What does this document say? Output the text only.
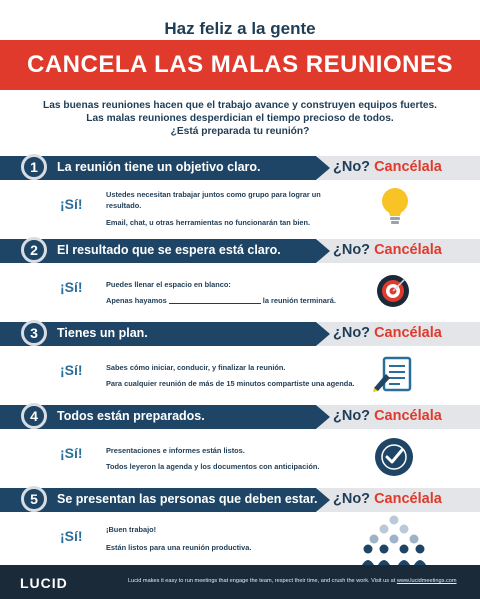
Haz feliz a la gente
CANCELA LAS MALAS REUNIONES
Las buenas reuniones hacen que el trabajo avance y construyen equipos fuertes.
Las malas reuniones desperdician el tiempo precioso de todos.
¿Está preparada tu reunión?
1	La reunión tiene un objetivo claro.	¿No? Cancélala
¡Sí!
Ustedes necesitan trabajar juntos como grupo para lograr un resultado.
Email, chat, u otras herramientas no funcionarán tan bien.
2	El resultado que se espera está claro.	¿No? Cancélala
¡Sí!	Puedes llenar el espacio en blanco:
Apenas hayamos	la reunión terminará.
3	Tienes un plan.	¿No? Cancélala
¡Sí!	Sabes cómo iniciar, conducir, y finalizar la reunión.
Para cualquier reunión de más de 15 minutos compartiste una agenda.
4	Todos están preparados.	¿No? Cancélala
¡Sí!	Presentaciones e informes están listos.
Todos leyeron la agenda y los documentos con anticipación.
5	Se presentan las personas que deben estar. ¿No? Cancélala
¡Sí!	¡Buen trabajo!
Están listos para una reunión productiva.
LUCID	Lucid makes it easy to run meetings that engage the team, respect their time, and crush the work. Visit us at www.lucidmeetings.com
